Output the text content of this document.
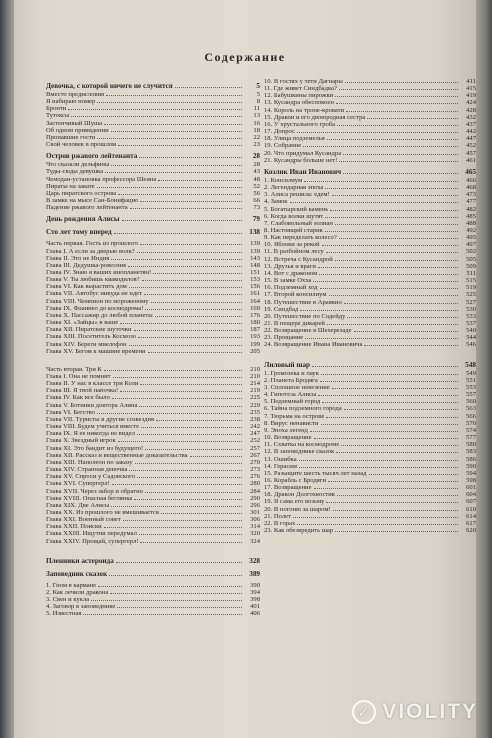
Содержание
Девочка, с которой ничего не случится	5
Вместо предисловия	5
Я набираю номер	8
Бронти	11
Тутоксы	13
Застенчивый Шуша	16
Об одном привидении	18
Пропавшие гости	22
Свой человек в прошлом	23
Остров ржавого лейтенанта	28
Что сказали дельфины	28
Туды-сюды девушка	43
Чемодан-установка профессора Шеина	48
Пираты на закате	52
Царь пиратского острова	56
В замке на мысе Сан-Бонифацио	66
Падение ржавого лейтенанта	73
День рождения Алисы	79
Сто лет тому вперед	138
Часть первая. Гость из прошлого	139
Главa I. А если за дверью волк?	139
Главa II. Это не Индия	143
Главa III. Дедушка-ровесник	148
Главa IV. Знаю я ваших инопланетян!	151
Главa V. Ты любишь квакодилов?	153
Главa VI. Как вырастить дом	156
Главa VII. Автобус никуда не идет	161
Главa VIII. Чемпион по мороженому	164
Главa IX. Флаинео до космодрома!	169
Главa X. Пассажир до любой планеты	176
Главa XI. «Зайцы» в ваше	180
Главa XII. Пиратские шуточки	187
Главa XIII. Посетитель Космозо	193
Главa XIV. Береги миелофон	199
Главa XV. Бегом к машине времени	205
Часть вторая. Три К	210
Главa I. Она не помнит	210
Главa II. У нас в классе три Коли	214
Главa III. Я твой папочка!	219
Главa IV. Как все было	225
Главa V. Ботинки доктора Алина	229
Главa VI. Бегство	235
Главa VII. Туристы в другие созвездия	238
Главa VIII. Будем учиться вместе	242
Главa IX. Я ее никогда не видел	247
Главa X. Звездный игрок	252
Главa XI. Это бандит из будущего!	257
Главa XII. Рассказ и вещественные доказательства	267
Главa XIII. Наполеон по заказу	270
Главa XIV. Странная девочка	273
Главa XV. Спроси у Садовского	276
Главa XVI. Супергерл!	280
Главa XVII. Через забор и обратно	284
Главa XVIII. Опасная беглянка	290
Главa XIX. Две Алисы	296
Главa XX. Из прошлого не вмешивается	301
Главa XXI. Военный совет	306
Главa XXII. Поиски	314
Главa XXIII. Ищутни передумал	320
Главa XXIV. Прощай, супергерл!	324
Пленники астероида	328
Заповедник сказок	389
1. Гном в кармане	390
2. Как лечили дракона	394
3. Свен и кукла	398
4. Заговор в заповеднике	401
5. Известная	406
10. В гостях у тети Дагнары	411
11. Где живет Синдбадка?	415
12. Бабушкины пирожки	419
13. Кусандра обеспокоен	424
14. Король на троне-кровати	428
15. Дракон и его двоюродная сестра	432
16. У хрустального гроба	437
17. Допрос	442
18. Улица подземелья	447
19. Собрание	452
20. Что придумал Кусандра	457
21. Кусандры больше нет!	461
Козлик Иван Иванович	465
1. Консилиум	466
2. Легендарная эпоха	468
3. Алиса решила: едем!	473
4. Замок	477
5. Богатырский камень	482
6. Когда волки шутят	485
7. Слабовольный эолиан	488
8. Настоящий старик	492
9. Как переделать колесо?	495
10. Яблоки за рекой	497
11. В разбойном лесу	502
12. Встреча с Кусандрой	505
13. Друзья и враги	509
14. Вот с драконом	511
15. В замке Охха	515
16. Подземный ход	519
17. Второй консилиум	525
18. Путешествие в Араякио	527
19. Синдбад	530
20. Путешествие по Содейду	533
21. В пещере дикарей	537
22. Возвращение в Шехерезаде	540
23. Прощание	544
24. Возвращение Ивана Ивановича	546
Лиловый шар	548
1. Громозека и паук	549
2. Планета Бродяга	551
3. Сплошное невезение	553
4. Гипотеза Алисы	557
5. Подземный город	560
6. Тайна подземного города	563
7. Тюрьма на острове	566
8. Вирус ненависти	570
9. Эпоха легенд	574
10. Возвращение	577
11. Схватка на космодроме	580
12. В заповеднике сказок	583
13. Ошибка	586
14. Гераcим	590
15. Разыщите шесть тысяч лет назад	594
16. Корабль с Бродяги	598
17. Возвращение	601
18. Дракон Долгохвостик	604
19. Я сама его возьму	607
20. В погоню за шаром!	610
21. Полет	614
22. В горах	617
23. Как обезвредить шар	620
✓ VIOLITY
